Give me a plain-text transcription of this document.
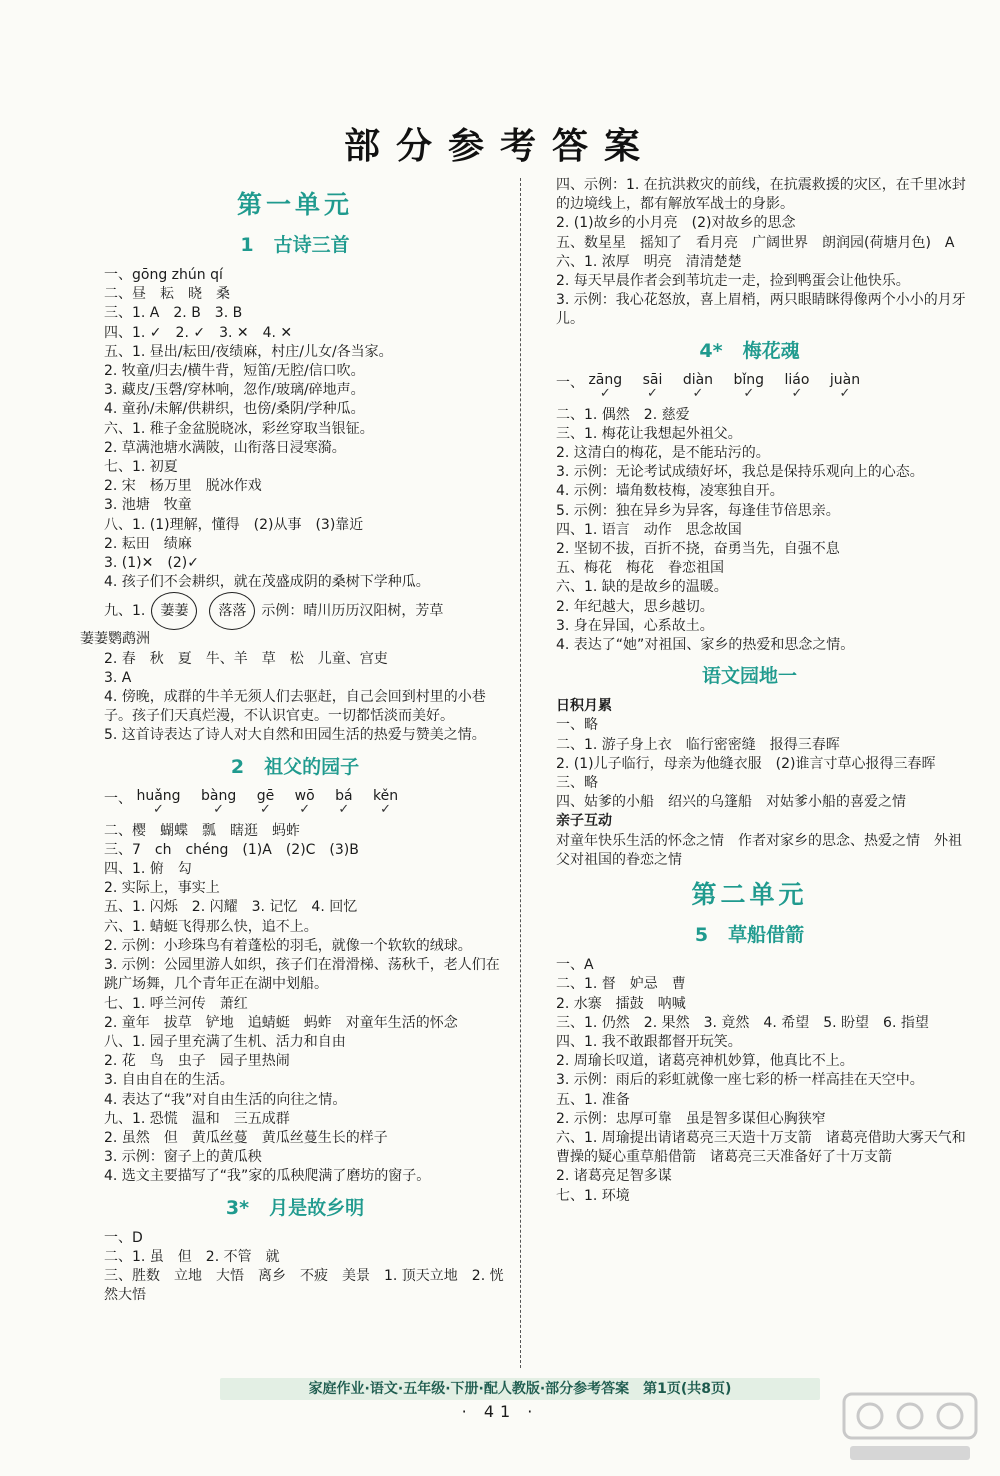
部分参考答案
第一单元
1 古诗三首
一、gōng zhún qí
二、昼　耘　晓　桑
三、1. A　2. B　3. B
四、1. ✓　2. ✓　3. ✕　4. ✕
五、1. 昼出/耘田/夜绩麻，村庄/儿女/各当家。
2. 牧童/归去/横牛背，短笛/无腔/信口吹。
3. 藏皮/玉磬/穿林响，忽作/玻璃/碎地声。
4. 童孙/未解/供耕织，也傍/桑阴/学种瓜。
六、1. 稚子金盆脱晓冰，彩丝穿取当银钲。
2. 草满池塘水满陂，山衔落日浸寒漪。
七、1. 初夏
2. 宋　杨万里　脱冰作戏
3. 池塘　牧童
八、1. (1)理解，懂得　(2)从事　(3)靠近
2. 耘田　绩麻
3. (1)✕　(2)✓
4. 孩子们不会耕织，就在茂盛成阴的桑树下学种瓜。
九、1. 萋萋 落落 示例：晴川历历汉阳树，芳草
萋萋鹦鹉洲
2. 春　秋　夏　牛、羊　草　松　儿童、宫吏
3. A
4. 傍晚，成群的牛羊无须人们去驱赶，自己会回到村里的小巷子。孩子们天真烂漫，不认识官吏。一切都恬淡而美好。
5. 这首诗表达了诗人对大自然和田园生活的热爱与赞美之情。
2 祖父的园子
一、 huǎng
✓
bàng
✓
gē
✓
wō
✓
bá
✓
kěn
✓
二、樱　蝴蝶　瓢　瞎逛　蚂蚱
三、7　ch　chéng　(1)A　(2)C　(3)B
四、1. 俯　勾
2. 实际上，事实上
五、1. 闪烁　2. 闪耀　3. 记忆　4. 回忆
六、1. 蜻蜓飞得那么快，追不上。
2. 示例：小珍珠鸟有着蓬松的羽毛，就像一个软软的绒球。
3. 示例：公园里游人如织，孩子们在滑滑梯、荡秋千，老人们在跳广场舞，几个青年正在湖中划船。
七、1. 呼兰河传　萧红
2. 童年　拔草　铲地　追蜻蜓　蚂蚱　对童年生活的怀念
八、1. 园子里充满了生机、活力和自由
2. 花　鸟　虫子　园子里热闹
3. 自由自在的生活。
4. 表达了“我”对自由生活的向往之情。
九、1. 恐慌　温和　三五成群
2. 虽然　但　黄瓜丝蔓　黄瓜丝蔓生长的样子
3. 示例：窗子上的黄瓜秧
4. 选文主要描写了“我”家的瓜秧爬满了磨坊的窗子。
3* 月是故乡明
一、D
二、1. 虽　但　2. 不管　就
三、胜数　立地　大悟　离乡　不疲　美景　1. 顶天立地　2. 恍然大悟
四、示例：1. 在抗洪救灾的前线，在抗震救援的灾区，在千里冰封的边境线上，都有解放军战士的身影。
2. (1)故乡的小月亮　(2)对故乡的思念
五、数星星　摇知了　看月亮　广阔世界　朗润园(荷塘月色)　A
六、1. 浓厚　明亮　清清楚楚
2. 每天早晨作者会到苇坑走一走，捡到鸭蛋会让他快乐。
3. 示例：我心花怒放，喜上眉梢，两只眼睛眯得像两个小小的月牙儿。
4* 梅花魂
一、 zāng
✓
sāi
✓
diàn
✓
bǐng
✓
liáo
✓
juàn
✓
二、1. 偶然　2. 慈爱
三、1. 梅花让我想起外祖父。
2. 这清白的梅花，是不能玷污的。
3. 示例：无论考试成绩好坏，我总是保持乐观向上的心态。
4. 示例：墙角数枝梅，凌寒独自开。
5. 示例：独在异乡为异客，每逢佳节倍思亲。
四、1. 语言　动作　思念故国
2. 坚韧不拔，百折不挠，奋勇当先，自强不息
五、梅花　梅花　眷恋祖国
六、1. 缺的是故乡的温暖。
2. 年纪越大，思乡越切。
3. 身在异国，心系故土。
4. 表达了“她”对祖国、家乡的热爱和思念之情。
语文园地一
日积月累
一、略
二、1. 游子身上衣　临行密密缝　报得三春晖
2. (1)儿子临行，母亲为他缝衣服　(2)谁言寸草心报得三春晖
三、略
四、姑爹的小船　绍兴的乌篷船　对姑爹小船的喜爱之情
亲子互动
对童年快乐生活的怀念之情　作者对家乡的思念、热爱之情　外祖父对祖国的眷恋之情
第二单元
5 草船借箭
一、A
二、1. 督　妒忌　曹
2. 水寨　擂鼓　呐喊
三、1. 仍然　2. 果然　3. 竟然　4. 希望　5. 盼望　6. 指望
四、1. 我不敢跟都督开玩笑。
2. 周瑜长叹道，诸葛亮神机妙算，他真比不上。
3. 示例：雨后的彩虹就像一座七彩的桥一样高挂在天空中。
五、1. 准备
2. 示例：忠厚可靠　虽是智多谋但心胸狭窄
六、1. 周瑜提出请诸葛亮三天造十万支箭　诸葛亮借助大雾天气和曹操的疑心重草船借箭　诸葛亮三天准备好了十万支箭
2. 诸葛亮足智多谋
七、1. 环境
家庭作业·语文·五年级·下册·配人教版·部分参考答案　第1页(共8页)
· 41 ·
